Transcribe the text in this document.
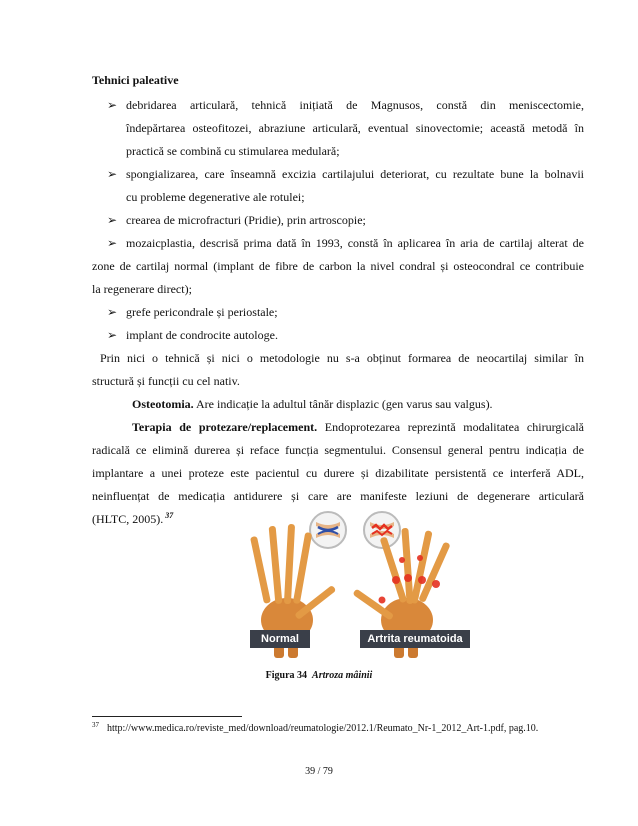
Tehnici paleative
➢ debridarea articulară, tehnică inițiată de Magnusos, constă din meniscectomie,
îndepărtarea osteofitozei, abraziune articulară, eventual sinovectomie; această metodă în
practică se combină cu stimularea medulară;
➢ spongializarea, care înseamnă excizia cartilajului deteriorat, cu rezultate bune la bolnavii
cu probleme degenerative ale rotulei;
➢ crearea de microfracturi (Pridie), prin artroscopie;
➢ mozaicplastia, descrisă prima dată în 1993, constă în aplicarea în aria de cartilaj alterat de
zone de cartilaj normal (implant de fibre de carbon la nivel condral și osteocondral ce contribuie
la regenerare direct);
➢ grefe pericondrale și periostale;
➢ implant de condrocite autologe.
Prin nici o tehnică și nici o metodologie nu s-a obținut formarea de neocartilaj similar în
structură și funcții cu cel nativ.
Osteotomia. Are indicație la adultul tânăr displazic (gen varus sau valgus).
Terapia de protezare/replacement. Endoprotezarea reprezintă modalitatea chirurgicală
radicală ce elimină durerea și reface funcția segmentului. Consensul general pentru indicația de
implantare a unei proteze este pacientul cu durere și dizabilitate persistentă ce interferă ADL,
neinfluențat de medicația antidurere și care are manifeste leziuni de degenerare articulară
(HLTC, 2005). $^{37}$
Normal	Artrita reumatoida
Figura 34 Artroza mâinii
$^{37}$ http://www.medica.ro/reviste_med/download/reumatologie/2012.1/Reumato_Nr-1_2012_Art-1.pdf, pag.10.
39 / 79
